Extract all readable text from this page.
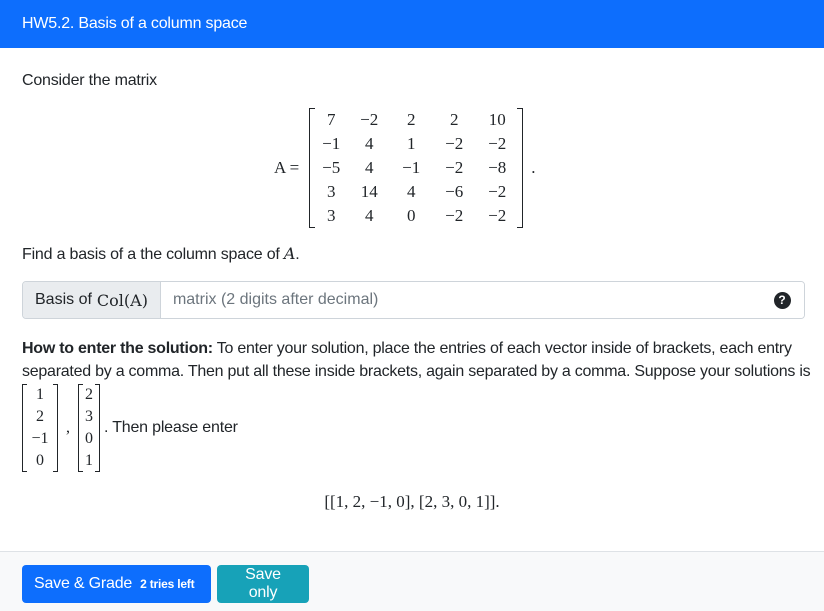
HW5.2. Basis of a column space
Consider the matrix
A =
7	−2	2	2	10
−1	4	1	−2	−2
−5	4	−1	−2	−8
3	14	4	−6	−2
3	4	0	−2	−2
.
Find a basis of a the column space of A.
Basis of Col(A)
matrix (2 digits after decimal)	?
How to enter the solution: To enter your solution, place the entries of each vector inside of brackets, each entry separated by a comma. Then put all these inside brackets, again separated by a comma. Suppose your solutions is
1
2
−1
0
,
2
3
0
1
. Then please enter
[[1, 2, −1, 0], [2, 3, 0, 1]].
Save & Grade 2 tries left
Save only
